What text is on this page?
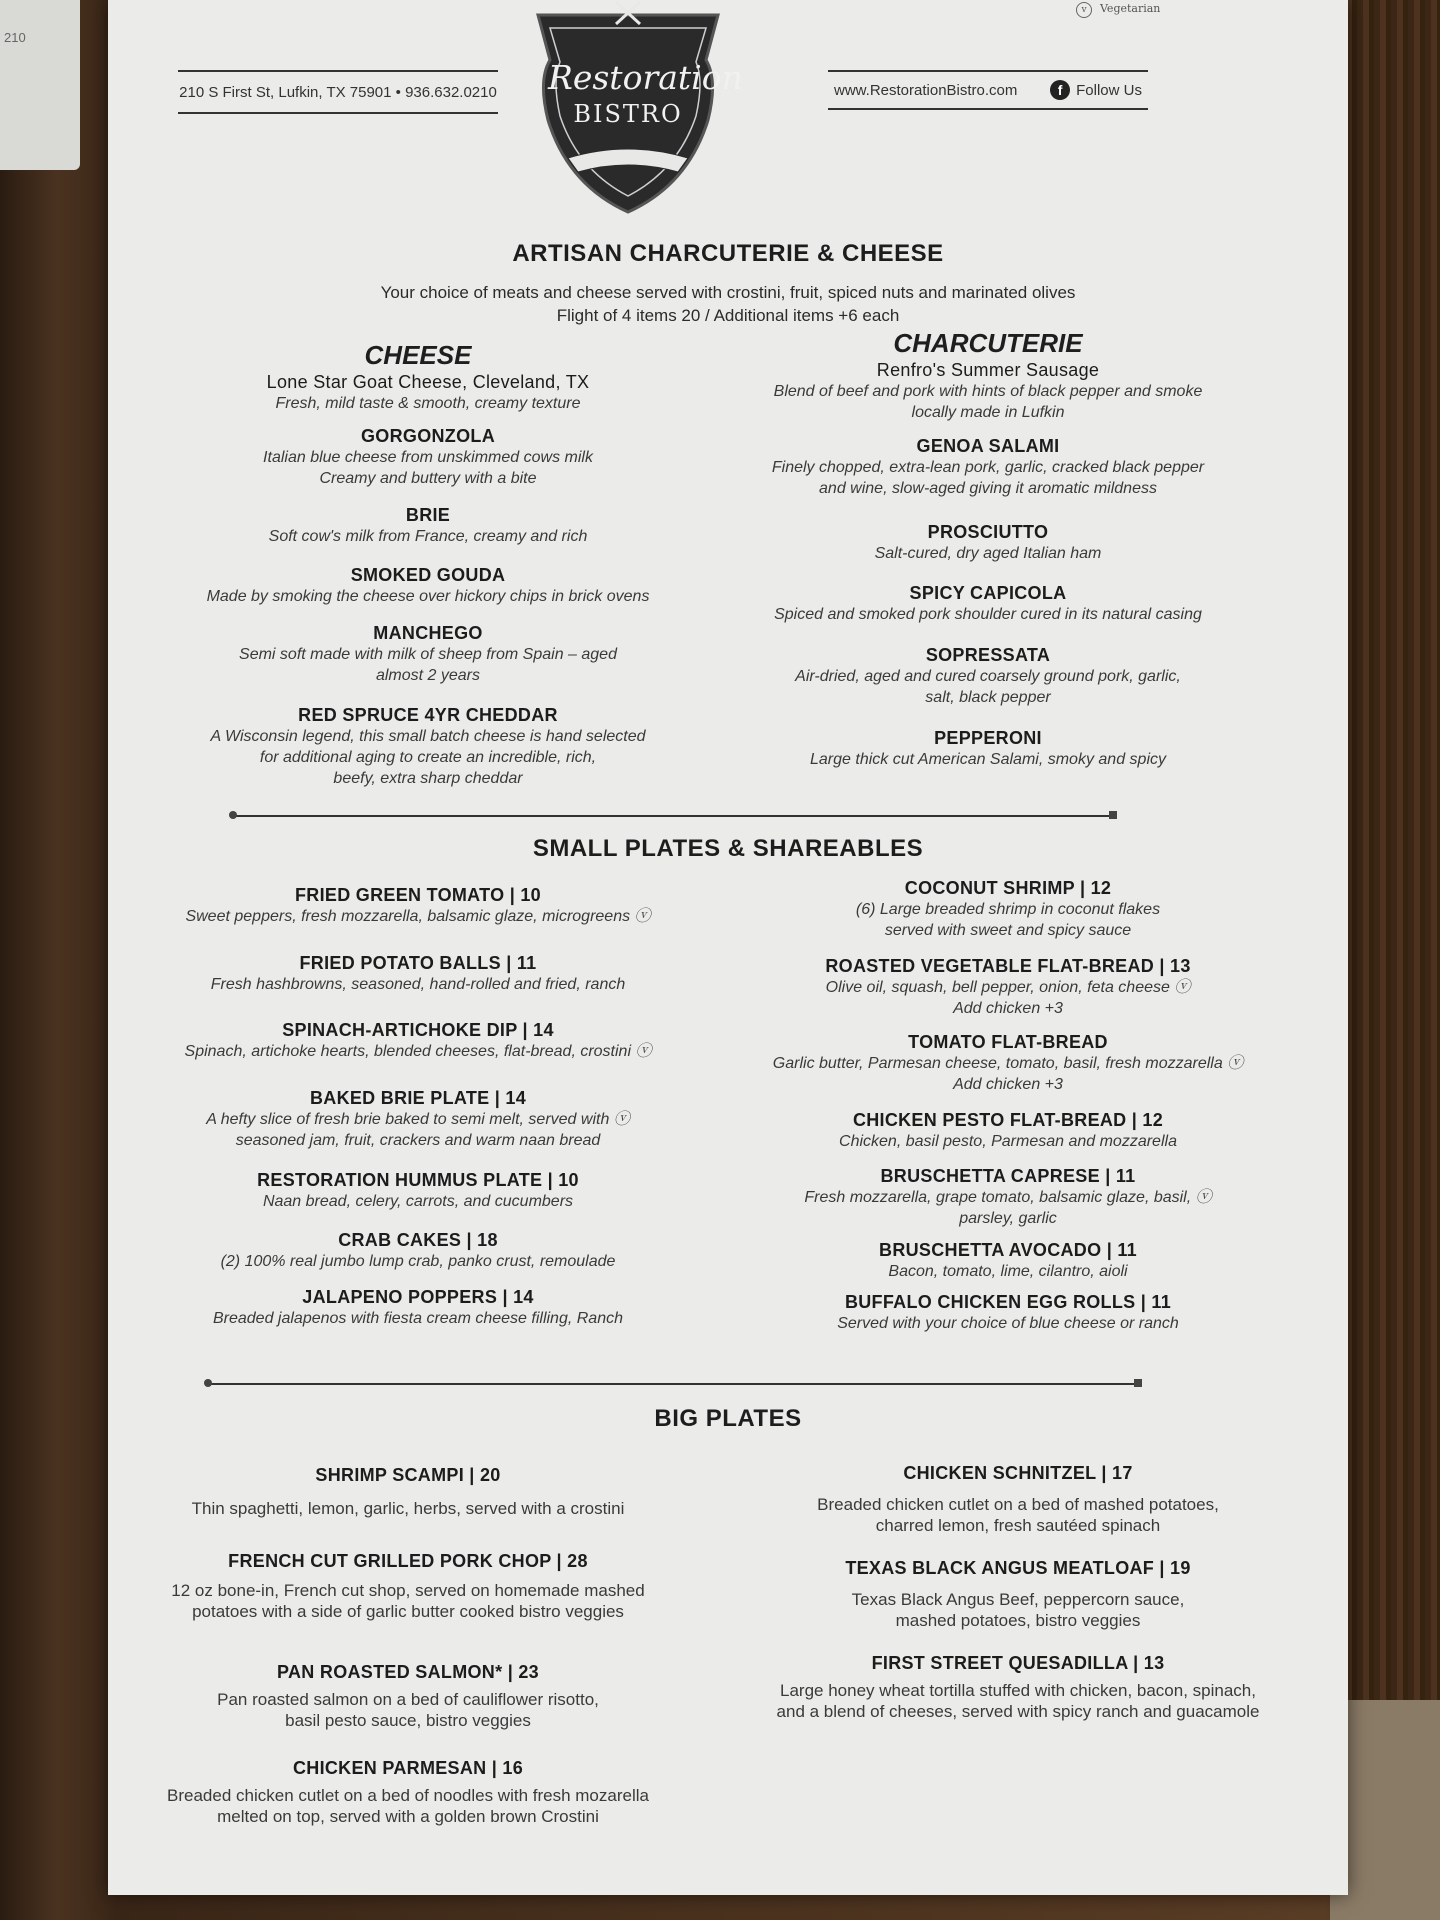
210
v Vegetarian
210 S First St, Lufkin, TX 75901 • 936.632.0210 Restoration
BISTRO
www.RestorationBistro.com	f Follow Us
ARTISAN CHARCUTERIE & CHEESE
Your choice of meats and cheese served with crostini, fruit, spiced nuts and marinated olives
Flight of 4 items 20 / Additional items +6 each
CHEESE	CHARCUTERIE
Lone Star Goat Cheese, Cleveland, TX
Fresh, mild taste & smooth, creamy texture
GORGONZOLA
Italian blue cheese from unskimmed cows milk
Creamy and buttery with a bite
BRIE
Soft cow's milk from France, creamy and rich
SMOKED GOUDA
Made by smoking the cheese over hickory chips in brick ovens
MANCHEGO
Semi soft made with milk of sheep from Spain – aged
almost 2 years
RED SPRUCE 4YR CHEDDAR
A Wisconsin legend, this small batch cheese is hand selected
for additional aging to create an incredible, rich,
beefy, extra sharp cheddar
Renfro's Summer Sausage
Blend of beef and pork with hints of black pepper and smoke
locally made in Lufkin
GENOA SALAMI
Finely chopped, extra-lean pork, garlic, cracked black pepper
and wine, slow-aged giving it aromatic mildness
PROSCIUTTO
Salt-cured, dry aged Italian ham
SPICY CAPICOLA
Spiced and smoked pork shoulder cured in its natural casing
SOPRESSATA
Air-dried, aged and cured coarsely ground pork, garlic,
salt, black pepper
PEPPERONI
Large thick cut American Salami, smoky and spicy
SMALL PLATES & SHAREABLES
FRIED GREEN TOMATO | 10
Sweet peppers, fresh mozzarella, balsamic glaze, microgreens ⓥ
FRIED POTATO BALLS | 11
Fresh hashbrowns, seasoned, hand-rolled and fried, ranch
SPINACH-ARTICHOKE DIP | 14
Spinach, artichoke hearts, blended cheeses, flat-bread, crostini ⓥ
BAKED BRIE PLATE | 14
A hefty slice of fresh brie baked to semi melt, served with ⓥ
seasoned jam, fruit, crackers and warm naan bread
RESTORATION HUMMUS PLATE | 10
Naan bread, celery, carrots, and cucumbers
CRAB CAKES | 18
(2) 100% real jumbo lump crab, panko crust, remoulade
JALAPENO POPPERS | 14
Breaded jalapenos with fiesta cream cheese filling, Ranch
COCONUT SHRIMP | 12
(6) Large breaded shrimp in coconut flakes
served with sweet and spicy sauce
ROASTED VEGETABLE FLAT-BREAD | 13
Olive oil, squash, bell pepper, onion, feta cheese ⓥ
Add chicken +3
TOMATO FLAT-BREAD
Garlic butter, Parmesan cheese, tomato, basil, fresh mozzarella ⓥ
Add chicken +3
CHICKEN PESTO FLAT-BREAD | 12
Chicken, basil pesto, Parmesan and mozzarella
BRUSCHETTA CAPRESE | 11
Fresh mozzarella, grape tomato, balsamic glaze, basil, ⓥ
parsley, garlic
BRUSCHETTA AVOCADO | 11
Bacon, tomato, lime, cilantro, aioli
BUFFALO CHICKEN EGG ROLLS | 11
Served with your choice of blue cheese or ranch
BIG PLATES
SHRIMP SCAMPI | 20
Thin spaghetti, lemon, garlic, herbs, served with a crostini
FRENCH CUT GRILLED PORK CHOP | 28
12 oz bone-in, French cut shop, served on homemade mashed
potatoes with a side of garlic butter cooked bistro veggies
PAN ROASTED SALMON* | 23
Pan roasted salmon on a bed of cauliflower risotto,
basil pesto sauce, bistro veggies
CHICKEN PARMESAN | 16
Breaded chicken cutlet on a bed of noodles with fresh mozarella
melted on top, served with a golden brown Crostini
CHICKEN SCHNITZEL | 17
Breaded chicken cutlet on a bed of mashed potatoes,
charred lemon, fresh sautéed spinach
TEXAS BLACK ANGUS MEATLOAF | 19
Texas Black Angus Beef, peppercorn sauce,
mashed potatoes, bistro veggies
FIRST STREET QUESADILLA | 13
Large honey wheat tortilla stuffed with chicken, bacon, spinach,
and a blend of cheeses, served with spicy ranch and guacamole
